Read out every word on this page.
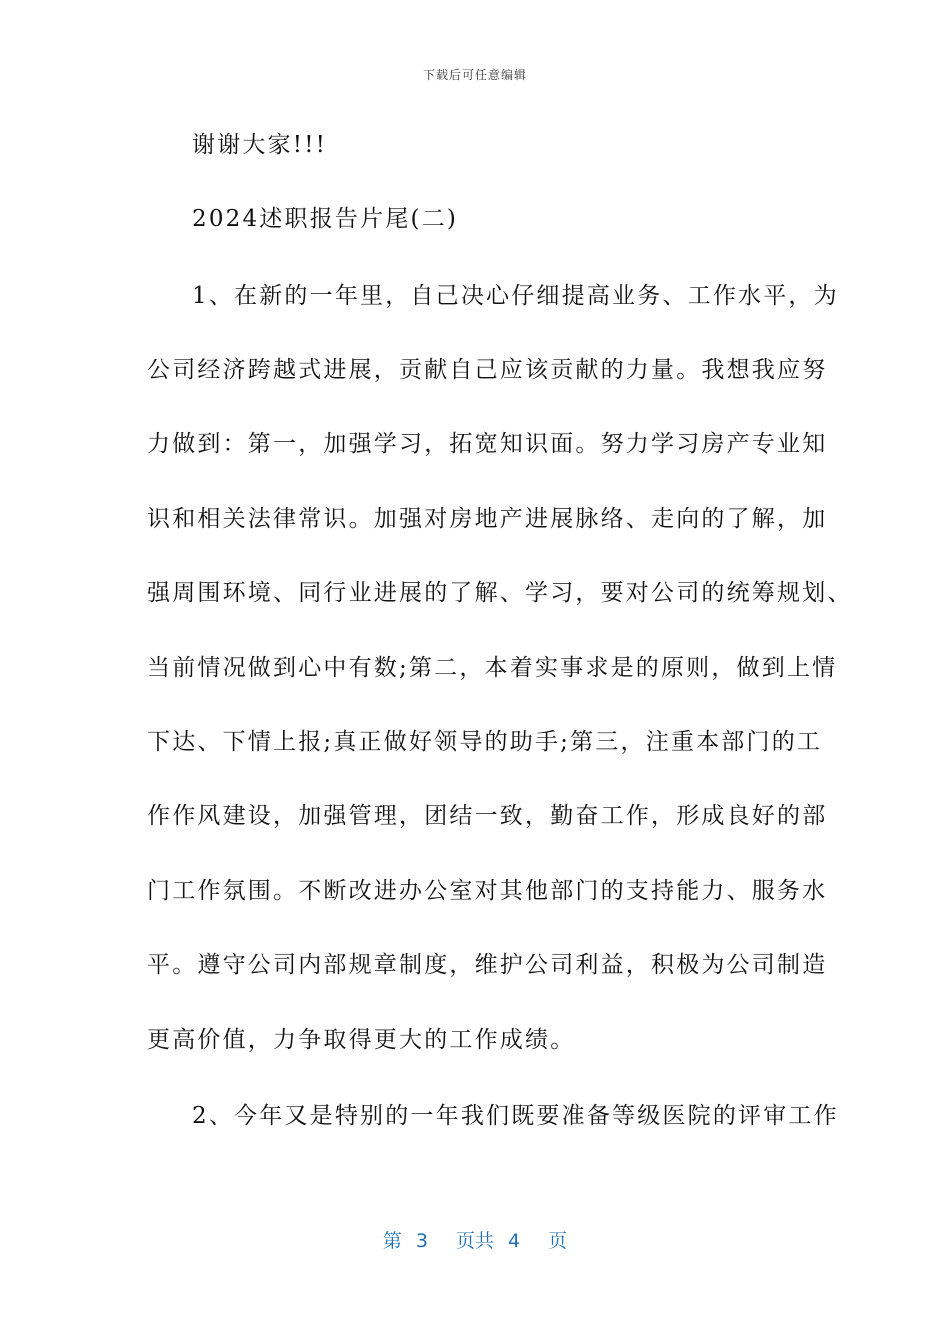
下载后可任意编辑
谢谢大家!!!
2024述职报告片尾(二)
1、在新的一年里，自己决心仔细提高业务、工作水平，为
公司经济跨越式进展，贡献自己应该贡献的力量。我想我应努
力做到：第一，加强学习，拓宽知识面。努力学习房产专业知
识和相关法律常识。加强对房地产进展脉络、走向的了解，加
强周围环境、同行业进展的了解、学习，要对公司的统筹规划、
当前情况做到心中有数;第二，本着实事求是的原则，做到上情
下达、下情上报;真正做好领导的助手;第三，注重本部门的工
作作风建设，加强管理，团结一致，勤奋工作，形成良好的部
门工作氛围。不断改进办公室对其他部门的支持能力、服务水
平。遵守公司内部规章制度，维护公司利益，积极为公司制造
更高价值，力争取得更大的工作成绩。
2、今年又是特别的一年我们既要准备等级医院的评审工作
第 3 页共 4 页
